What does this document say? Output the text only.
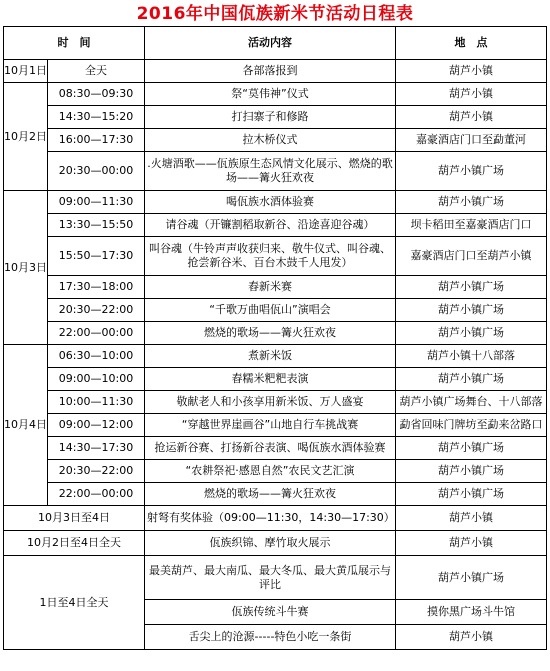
2016年中国佤族新米节活动日程表
时　间		活动内容	地　点
10月1日	全天	各部落报到	葫芦小镇
10月2日	08:30—09:30	祭“莫伟神”仪式	葫芦小镇
	14:30—15:20	打扫寨子和修路	葫芦小镇
	16:00—17:30	拉木桥仪式	嘉豪酒店门口至勐董河
	20:30—00:00	.火塘酒歌——佤族原生态风情文化展示、燃烧的歌场——篝火狂欢夜	葫芦小镇广场
10月3日	09:00—11:30	喝佤族水酒体验赛	葫芦小镇广场
	13:30—15:50	请谷魂（开镰割稻取新谷、沿途喜迎谷魂）	坝卡稻田至嘉豪酒店门口
	15:50—17:30	叫谷魂（牛铃声声收获归来、敬牛仪式、叫谷魂、抢尝新谷米、百台木鼓千人甩发）	嘉豪酒店门口至葫芦小镇
	17:30—18:00	舂新米赛	葫芦小镇广场
	20:30—22:00	“千歌万曲唱佤山”演唱会	葫芦小镇广场
	22:00—00:00	燃烧的歌场——篝火狂欢夜	葫芦小镇广场
10月4日	06:30—10:00	煮新米饭	葫芦小镇十八部落
	09:00—10:00	舂糯米粑粑表演	葫芦小镇广场
	10:00—11:30	敬献老人和小孩享用新米饭、万人盛宴	葫芦小镇广场舞台、十八部落
	09:00—12:00	“穿越世界崖画谷”山地自行车挑战赛	勐省回味门牌坊至勐来岔路口
	14:30—17:30	抢运新谷赛、打扬新谷表演、喝佤族水酒体验赛	葫芦小镇广场
	20:30—22:00	“农耕祭祀·感恩自然”农民文艺汇演	葫芦小镇广场
	22:00—00:00	燃烧的歌场——篝火狂欢夜	葫芦小镇广场
10月3日至4日		射弩有奖体验（09:00—11:30，14:30—17:30）	葫芦小镇
10月2日至4日全天		佤族织锦、摩竹取火展示	葫芦小镇
1日至4日全天		最美葫芦、最大南瓜、最大冬瓜、最大黄瓜展示与评比	葫芦小镇广场
		佤族传统斗牛赛	摸你黑广场斗牛馆
		舌尖上的沧源-----特色小吃一条街	葫芦小镇
